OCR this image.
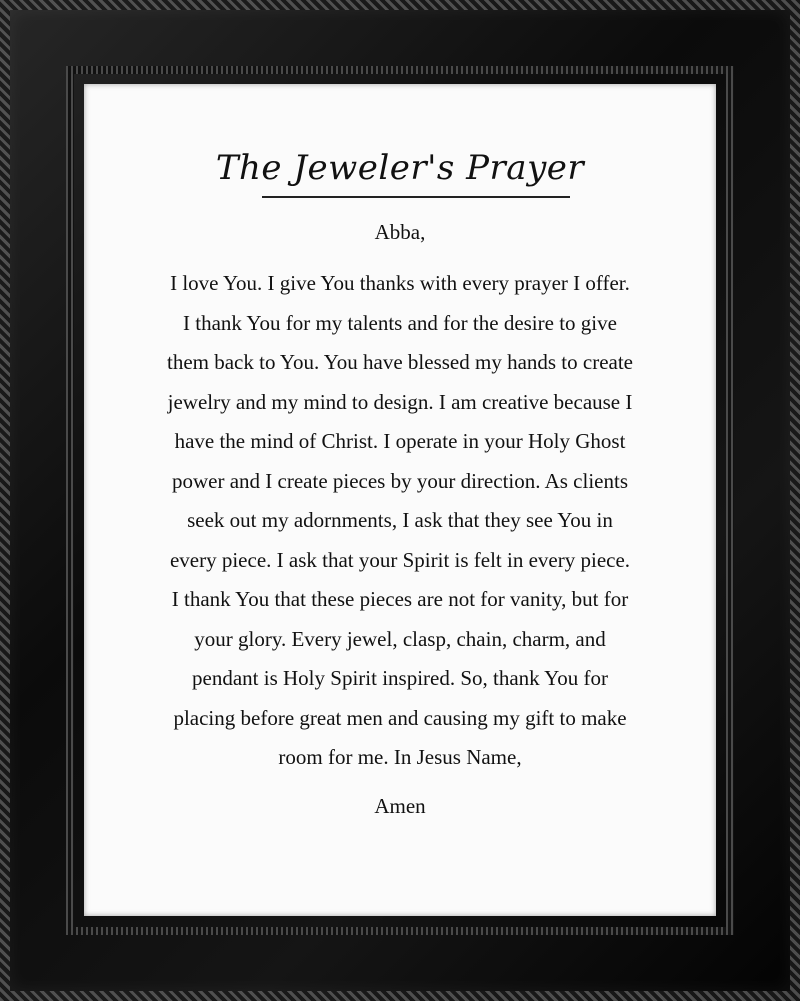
The Jeweler's Prayer
Abba,
I love You. I give You thanks with every prayer I offer.
I thank You for my talents and for the desire to give
them back to You. You have blessed my hands to create
jewelry and my mind to design. I am creative because I
have the mind of Christ. I operate in your Holy Ghost
power and I create pieces by your direction. As clients
seek out my adornments, I ask that they see You in
every piece. I ask that your Spirit is felt in every piece.
I thank You that these pieces are not for vanity, but for
your glory. Every jewel, clasp, chain, charm, and
pendant is Holy Spirit inspired. So, thank You for
placing before great men and causing my gift to make
room for me. In Jesus Name,
Amen
